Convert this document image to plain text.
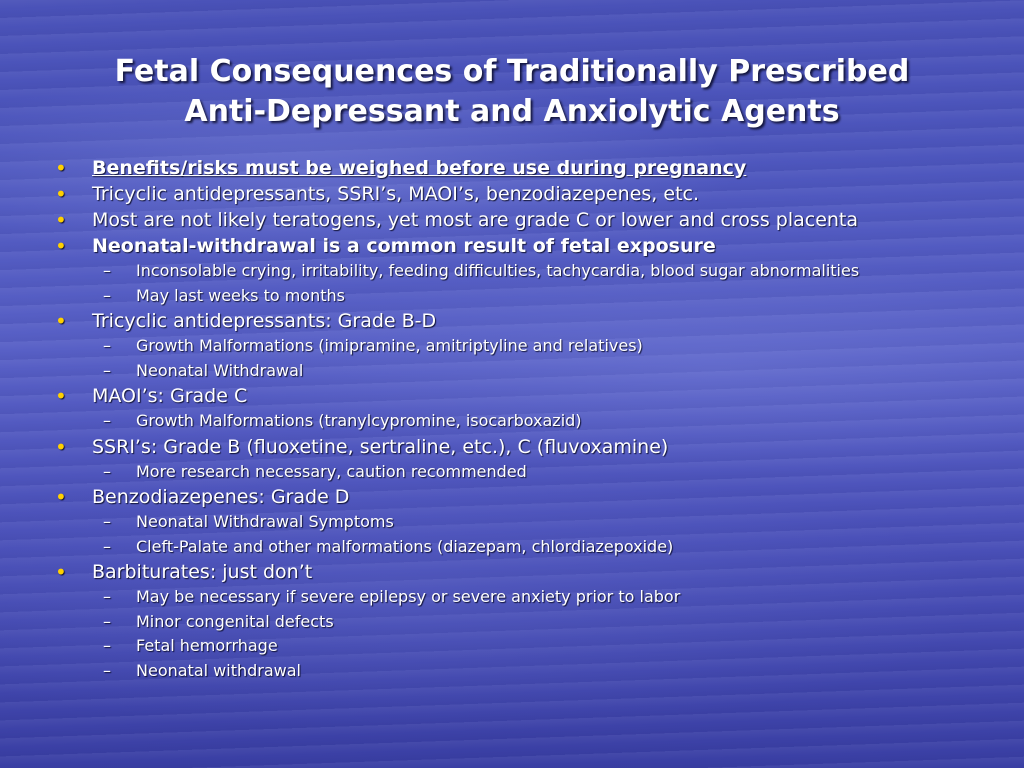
Fetal Consequences of Traditionally Prescribed
Anti-Depressant and Anxiolytic Agents
• Benefits/risks must be weighed before use during pregnancy
• Tricyclic antidepressants, SSRI’s, MAOI’s, benzodiazepenes, etc.
• Most are not likely teratogens, yet most are grade C or lower and cross placenta
• Neonatal-withdrawal is a common result of fetal exposure
– Inconsolable crying, irritability, feeding difficulties, tachycardia, blood sugar abnormalities
– May last weeks to months
• Tricyclic antidepressants: Grade B-D
– Growth Malformations (imipramine, amitriptyline and relatives)
– Neonatal Withdrawal
• MAOI’s: Grade C
– Growth Malformations (tranylcypromine, isocarboxazid)
• SSRI’s: Grade B (fluoxetine, sertraline, etc.), C (fluvoxamine)
– More research necessary, caution recommended
• Benzodiazepenes: Grade D
– Neonatal Withdrawal Symptoms
– Cleft-Palate and other malformations (diazepam, chlordiazepoxide)
• Barbiturates: just don’t
– May be necessary if severe epilepsy or severe anxiety prior to labor
– Minor congenital defects
– Fetal hemorrhage
– Neonatal withdrawal
